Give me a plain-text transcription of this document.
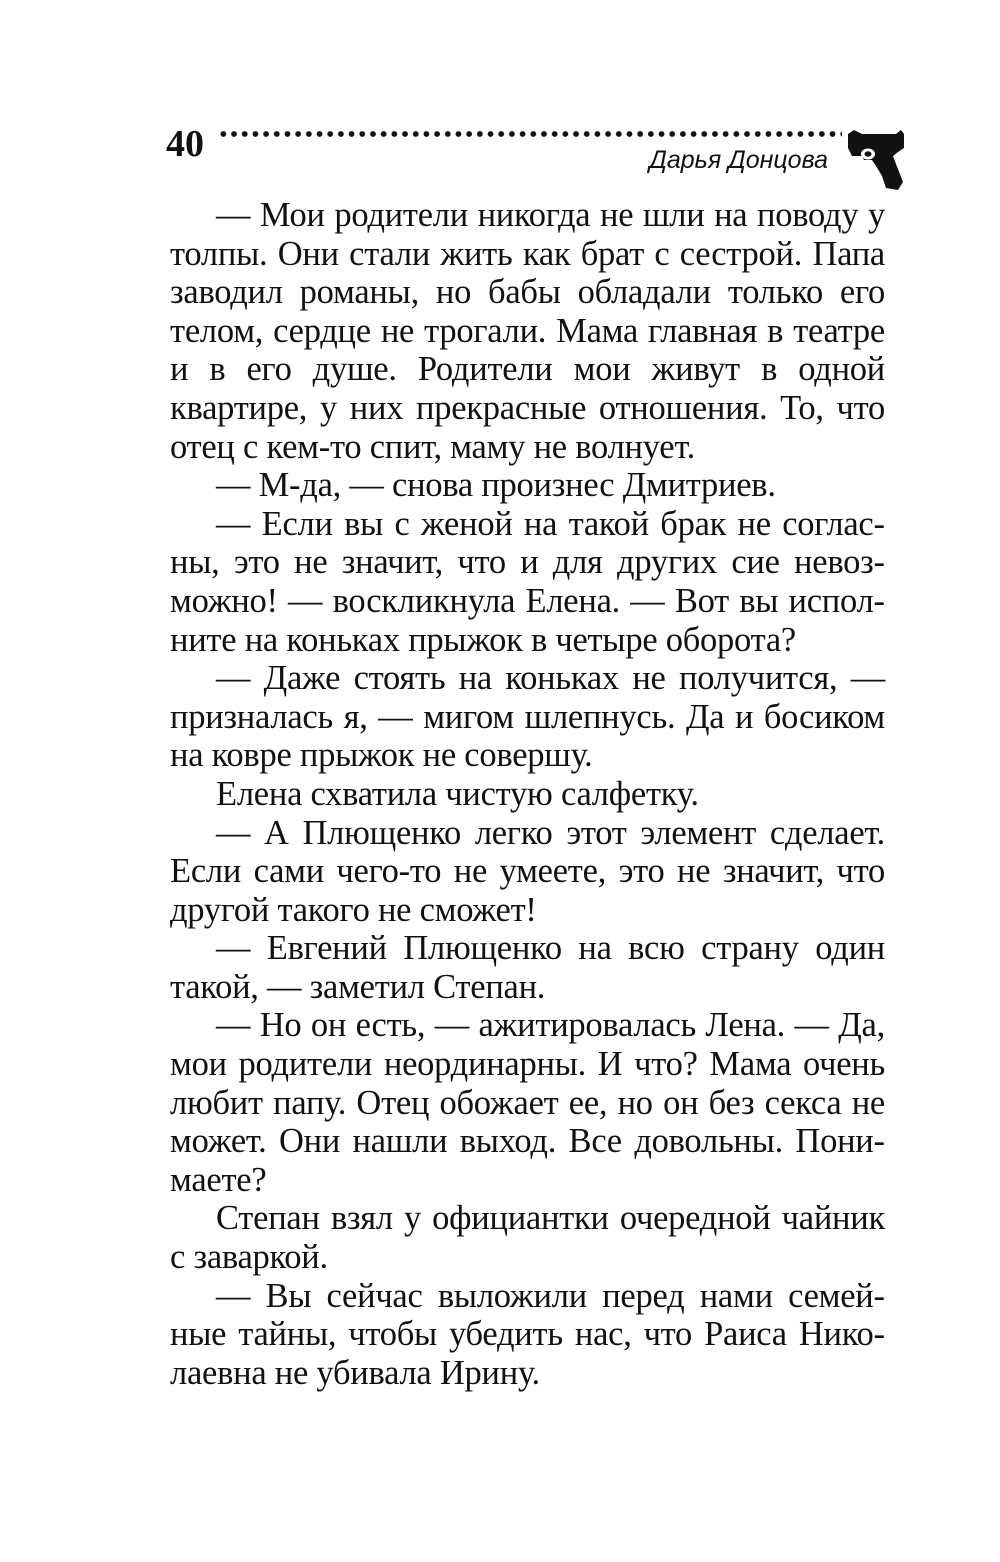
40	Дарья Донцова

— Мои родители никогда не шли на поводу у толпы. Они стали жить как брат с сестрой. Папа заводил романы, но бабы обладали только его телом, сердце не трогали. Мама главная в театре и в его душе. Родители мои живут в одной квартире, у них прекрасные отношения. То, что отец с кем-то спит, маму не волнует.

— М-да, — снова произнес Дмитриев.

— Если вы с женой на такой брак не согласны, это не значит, что и для других сие невозможно! — воскликнула Елена. — Вот вы исполните на коньках прыжок в четыре оборота?

— Даже стоять на коньках не получится, — призналась я, — мигом шлепнусь. Да и босиком на ковре прыжок не совершу.

Елена схватила чистую салфетку.

— А Плющенко легко этот элемент сделает. Если сами чего-то не умеете, это не значит, что другой такого не сможет!

— Евгений Плющенко на всю страну один такой, — заметил Степан.

— Но он есть, — ажитировалась Лена. — Да, мои родители неординарны. И что? Мама очень любит папу. Отец обожает ее, но он без секса не может. Они нашли выход. Все довольны. Понимаете?

Степан взял у официантки очередной чайник с заваркой.

— Вы сейчас выложили перед нами семейные тайны, чтобы убедить нас, что Раиса Николаевна не убивала Ирину.
